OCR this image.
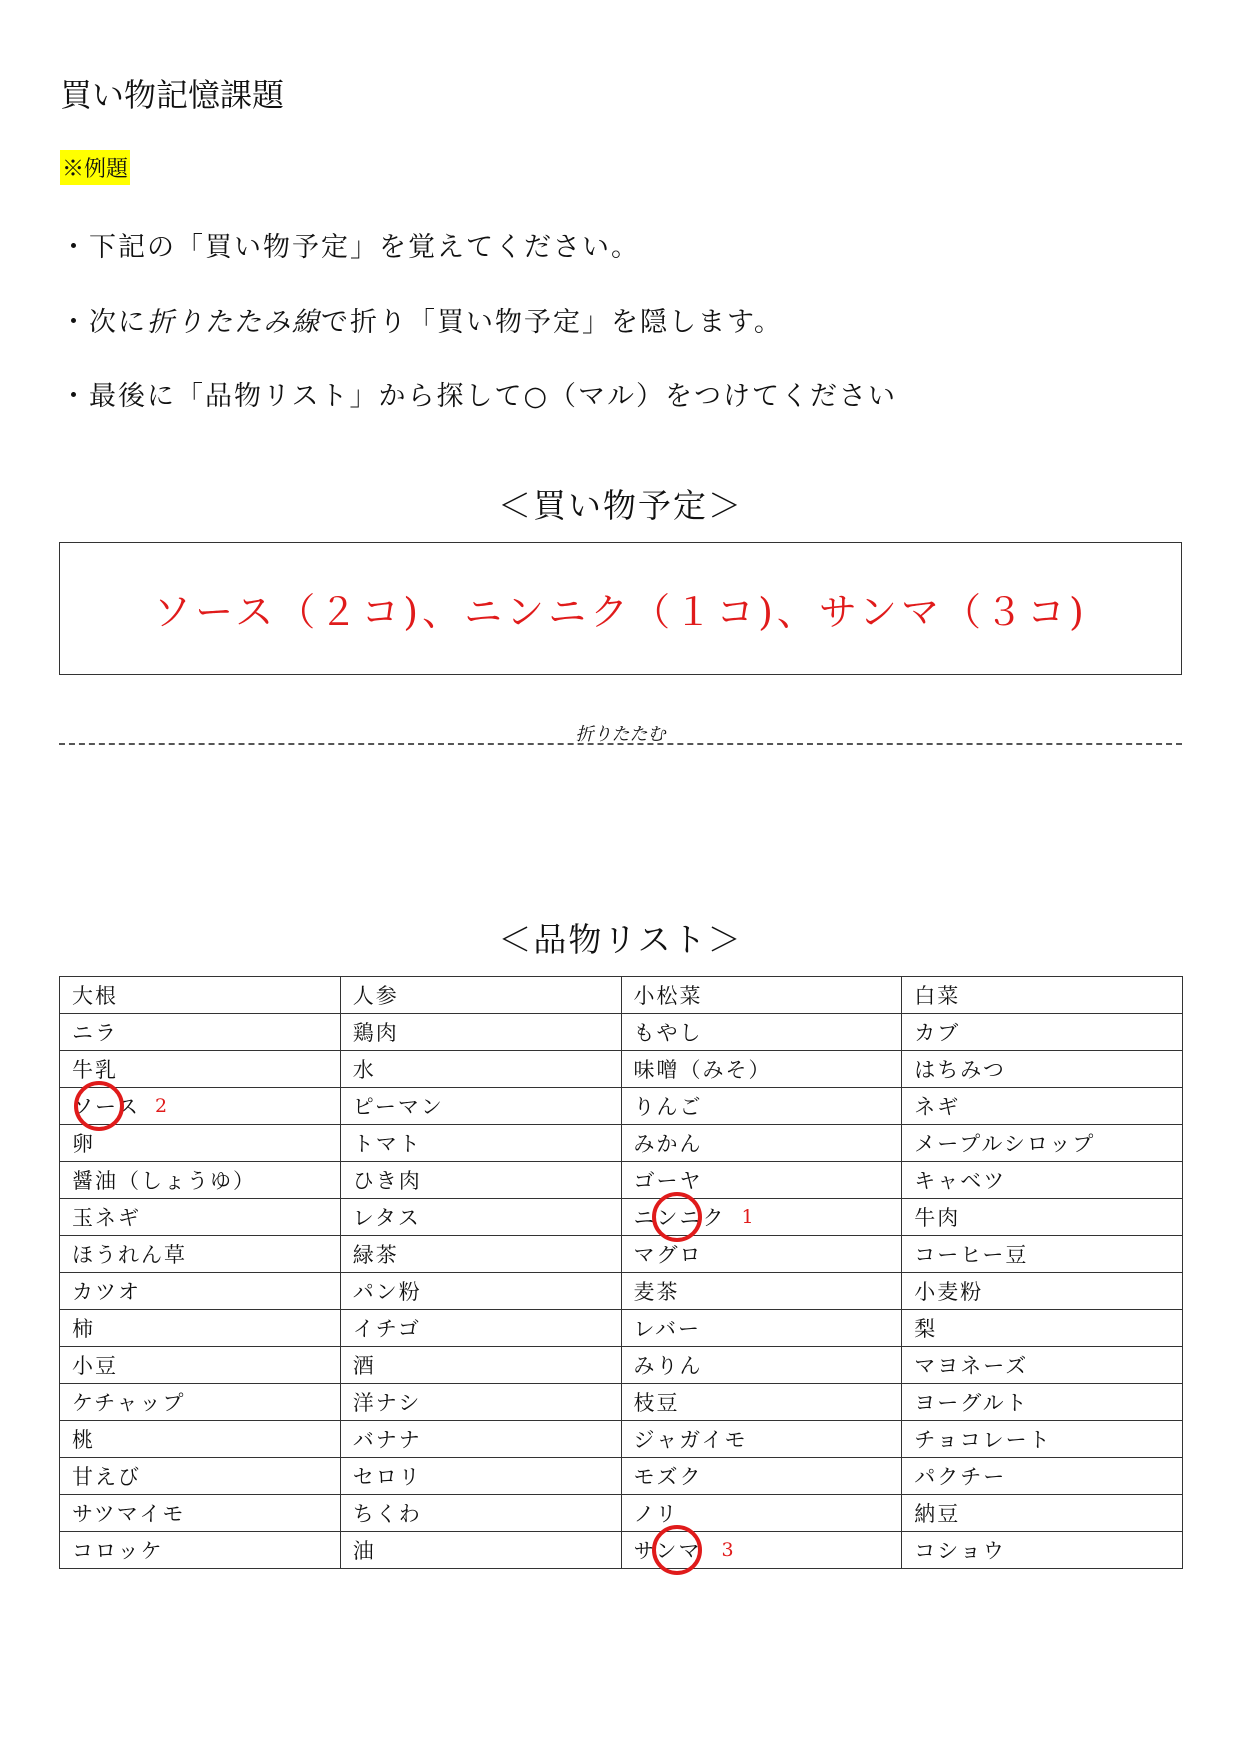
買い物記憶課題
※例題
・下記の「買い物予定」を覚えてください。
・次に折りたたみ線で折り「買い物予定」を隠します。
・最後に「品物リスト」から探して○（マル）をつけてください
＜買い物予定＞
ソース（２コ)、ニンニク（１コ)、サンマ（３コ)
折りたたむ
＜品物リスト＞
大根	人参	小松菜	白菜
ニラ	鶏肉	もやし	カブ
牛乳	水	味噌（みそ）	はちみつ
ソース 2	ピーマン	りんご	ネギ
卵	トマト	みかん	メープルシロップ
醤油（しょうゆ）	ひき肉	ゴーヤ	キャベツ
玉ネギ	レタス	ニンニク 1	牛肉
ほうれん草	緑茶	マグロ	コーヒー豆
カツオ	パン粉	麦茶	小麦粉
柿	イチゴ	レバー	梨
小豆	酒	みりん	マヨネーズ
ケチャップ	洋ナシ	枝豆	ヨーグルト
桃	バナナ	ジャガイモ	チョコレート
甘えび	セロリ	モズク	パクチー
サツマイモ	ちくわ	ノリ	納豆
コロッケ	油	サンマ 3	コショウ
